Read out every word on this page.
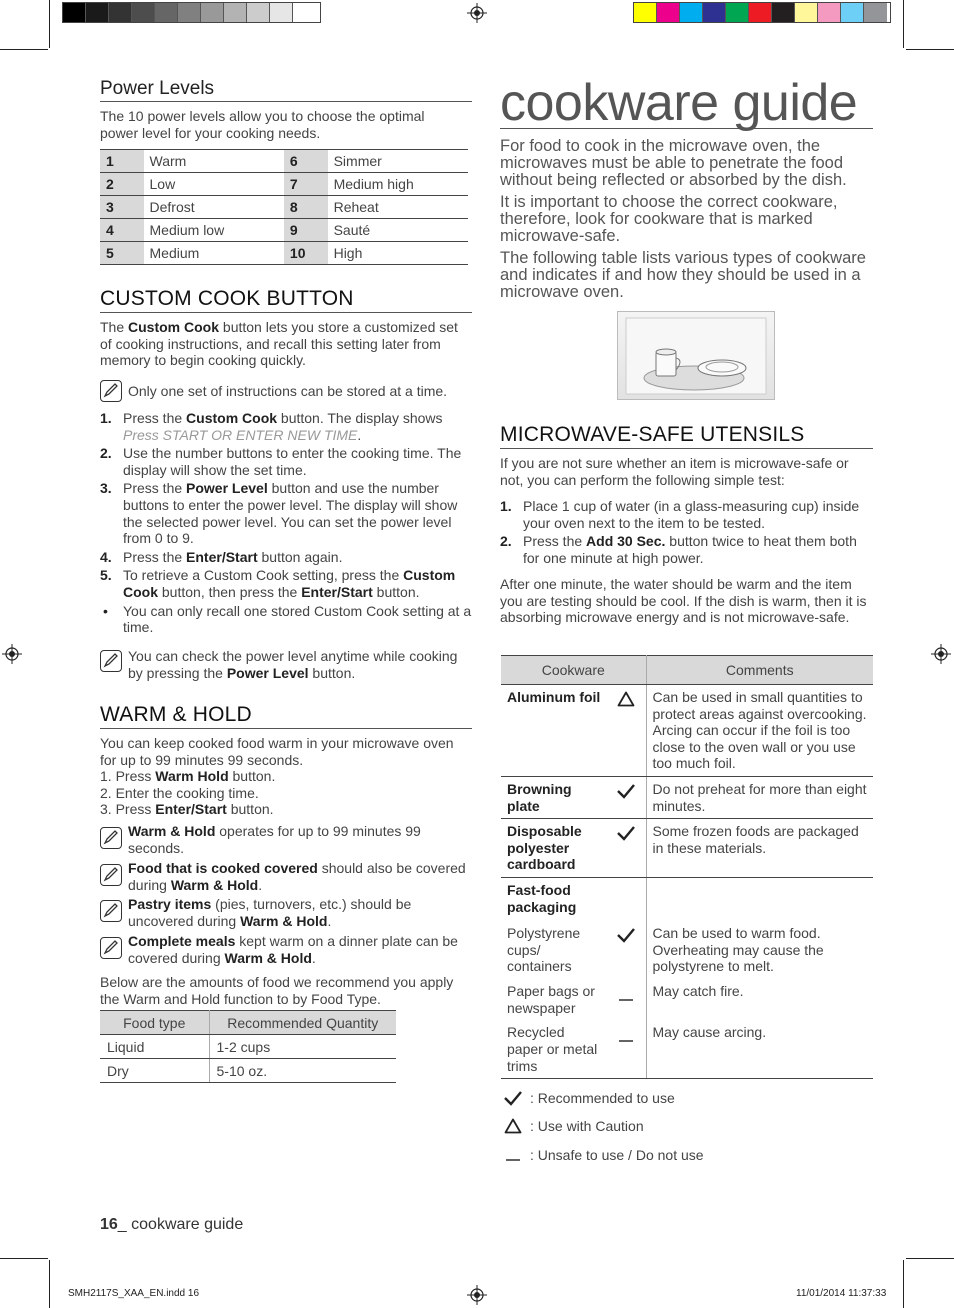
Power Levels
The 10 power levels allow you to choose the optimal power level for your cooking needs.
1	Warm	6	Simmer
2	Low	7	Medium high
3	Defrost	8	Reheat
4	Medium low	9	Sauté
5	Medium	10	High
CUSTOM COOK BUTTON
The Custom Cook button lets you store a customized set of cooking instructions, and recall this setting later from memory to begin cooking quickly.
Only one set of instructions can be stored at a time.
1. Press the Custom Cook button. The display shows Press START OR ENTER NEW TIME.
2. Use the number buttons to enter the cooking time. The display will show the set time.
3. Press the Power Level button and use the number buttons to enter the power level. The display will show the selected power level. You can set the power level from 0 to 9.
4. Press the Enter/Start button again.
5. To retrieve a Custom Cook setting, press the Custom Cook button, then press the Enter/Start button.
•	You can only recall one stored Custom Cook setting at a time.
You can check the power level anytime while cooking by pressing the Power Level button.
WARM & HOLD
You can keep cooked food warm in your microwave oven for up to 99 minutes 99 seconds.
1. Press Warm Hold button.
2. Enter the cooking time.
3. Press Enter/Start button.
Warm & Hold operates for up to 99 minutes 99 seconds.
Food that is cooked covered should also be covered during Warm & Hold.
Pastry items (pies, turnovers, etc.) should be uncovered during Warm & Hold.
Complete meals kept warm on a dinner plate can be covered during Warm & Hold.
Below are the amounts of food we recommend you apply the Warm and Hold function to by Food Type.
Food type	Recommended Quantity
Liquid	1-2 cups
Dry	5-10 oz.
16_ cookware guide
SMH2117S_XAA_EN.indd 16	11/01/2014 11:37:33
cookware guide
For food to cook in the microwave oven, the microwaves must be able to penetrate the food without being reflected or absorbed by the dish.
It is important to choose the correct cookware, therefore, look for cookware that is marked microwave-safe.
The following table lists various types of cookware and indicates if and how they should be used in a microwave oven.
MICROWAVE-SAFE UTENSILS
If you are not sure whether an item is microwave-safe or not, you can perform the following simple test:
1. Place 1 cup of water (in a glass-measuring cup) inside your oven next to the item to be tested.
2. Press the Add 30 Sec. button twice to heat them both for one minute at high power.
After one minute, the water should be warm and the item you are testing should be cool. If the dish is warm, then it is absorbing microwave energy and is not microwave-safe.
Cookware		Comments
Aluminum foil		Can be used in small quantities to protect areas against overcooking. Arcing can occur if the foil is too close to the oven wall or you use too much foil.
Browning plate		Do not preheat for more than eight minutes.
Disposable polyester cardboard		Some frozen foods are packaged in these materials.
Fast-food packaging		
Polystyrene cups/ containers		Can be used to warm food. Overheating may cause the polystyrene to melt.
Paper bags or newspaper		May catch fire.
Recycled paper or metal trims		May cause arcing.
: Recommended to use
: Use with Caution
: Unsafe to use / Do not use
